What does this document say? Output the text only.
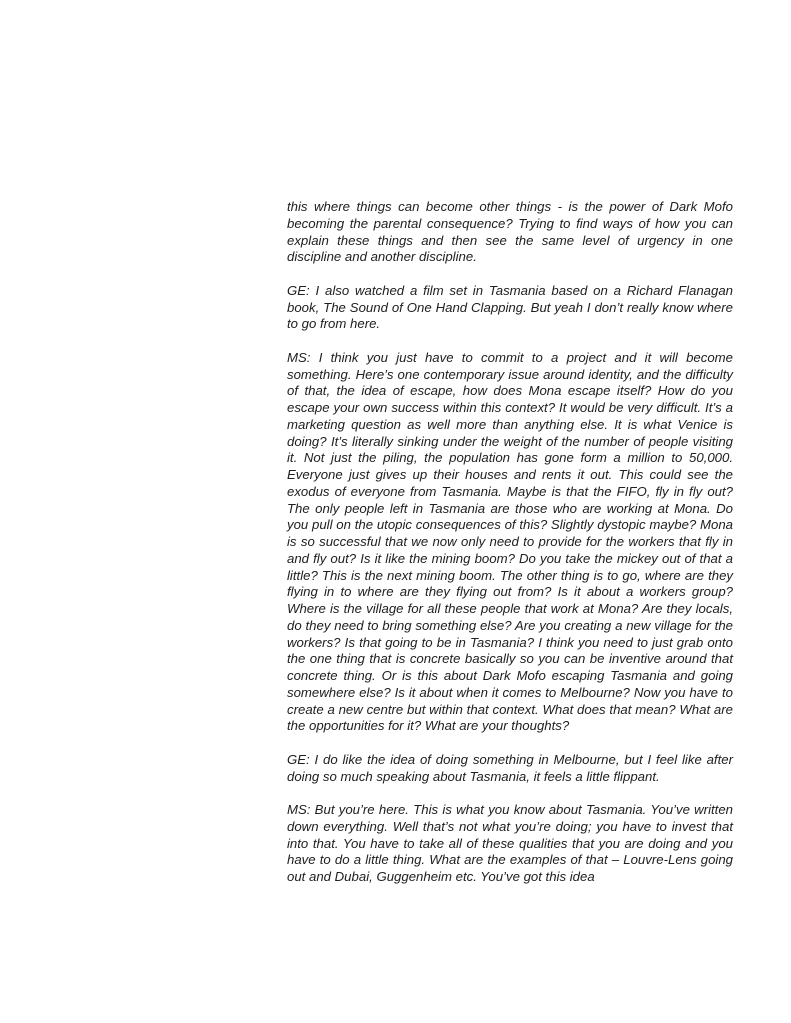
this where things can become other things - is the power of Dark Mofo becoming the parental consequence? Trying to find ways of how you can explain these things and then see the same level of urgency in one discipline and another discipline.

GE: I also watched a film set in Tasmania based on a Richard Flanagan book, The Sound of One Hand Clapping. But yeah I don’t really know where to go from here.

MS: I think you just have to commit to a project and it will become something. Here’s one contemporary issue around identity, and the difficulty of that, the idea of escape, how does Mona escape itself? How do you escape your own success within this context? It would be very difficult. It’s a marketing question as well more than anything else. It is what Venice is doing? It’s literally sinking under the weight of the number of people visiting it. Not just the piling, the population has gone form a million to 50,000. Everyone just gives up their houses and rents it out. This could see the exodus of everyone from Tasmania. Maybe is that the FIFO, fly in fly out? The only people left in Tasmania are those who are working at Mona. Do you pull on the utopic consequences of this? Slightly dystopic maybe? Mona is so successful that we now only need to provide for the workers that fly in and fly out? Is it like the mining boom? Do you take the mickey out of that a little? This is the next mining boom. The other thing is to go, where are they flying in to where are they flying out from? Is it about a workers group? Where is the village for all these people that work at Mona? Are they locals, do they need to bring something else? Are you creating a new village for the workers? Is that going to be in Tasmania? I think you need to just grab onto the one thing that is concrete basically so you can be inventive around that concrete thing. Or is this about Dark Mofo escaping Tasmania and going somewhere else? Is it about when it comes to Melbourne? Now you have to create a new centre but within that context. What does that mean? What are the opportunities for it? What are your thoughts?

GE: I do like the idea of doing something in Melbourne, but I feel like after doing so much speaking about Tasmania, it feels a little flippant.

MS: But you’re here. This is what you know about Tasmania. You’ve written down everything. Well that’s not what you’re doing; you have to invest that into that. You have to take all of these qualities that you are doing and you have to do a little thing. What are the examples of that – Louvre-Lens going out and Dubai, Guggenheim etc. You’ve got this idea
